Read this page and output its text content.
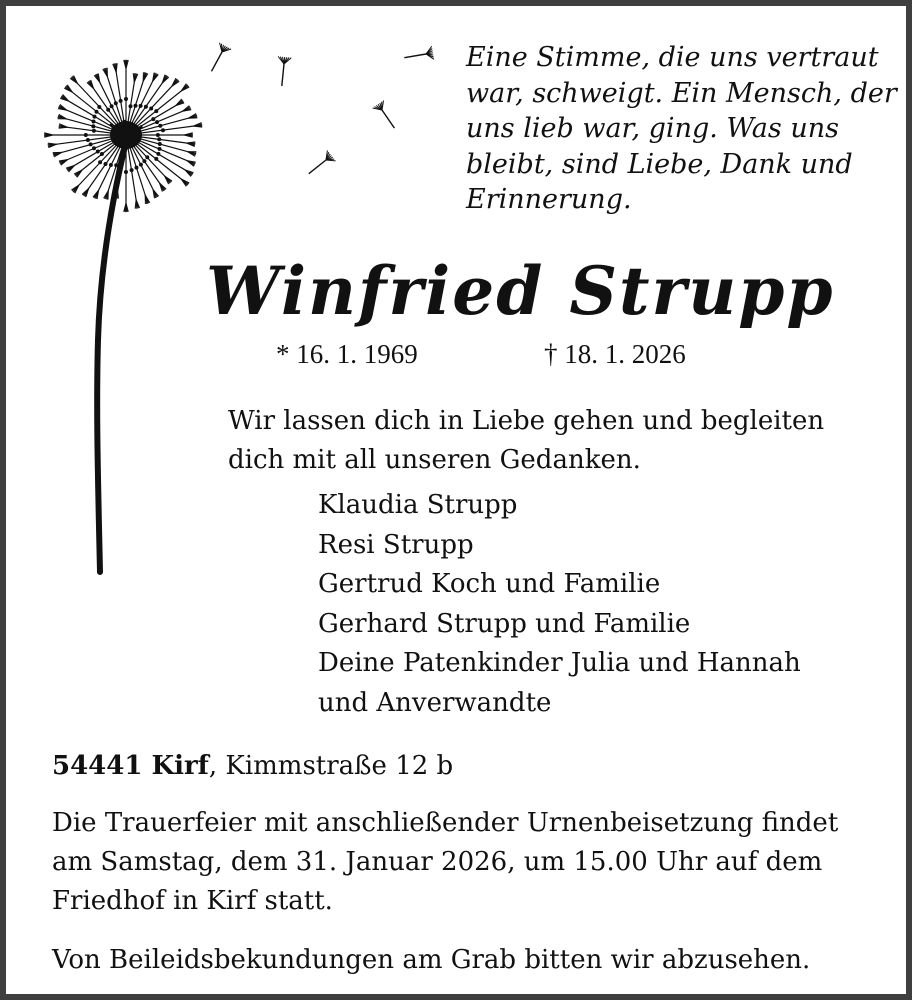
Eine Stimme, die uns vertraut
war, schweigt. Ein Mensch, der
uns lieb war, ging. Was uns
bleibt, sind Liebe, Dank und
Erinnerung.

Winfried Strupp
* 16. 1. 1969	† 18. 1. 2026

Wir lassen dich in Liebe gehen und begleiten
dich mit all unseren Gedanken.

Klaudia Strupp
Resi Strupp
Gertrud Koch und Familie
Gerhard Strupp und Familie
Deine Patenkinder Julia und Hannah
und Anverwandte
54441 Kirf, Kimmstraße 12 b

Die Trauerfeier mit anschließender Urnenbeisetzung findet
am Samstag, dem 31. Januar 2026, um 15.00 Uhr auf dem
Friedhof in Kirf statt.

Von Beileidsbekundungen am Grab bitten wir abzusehen.
